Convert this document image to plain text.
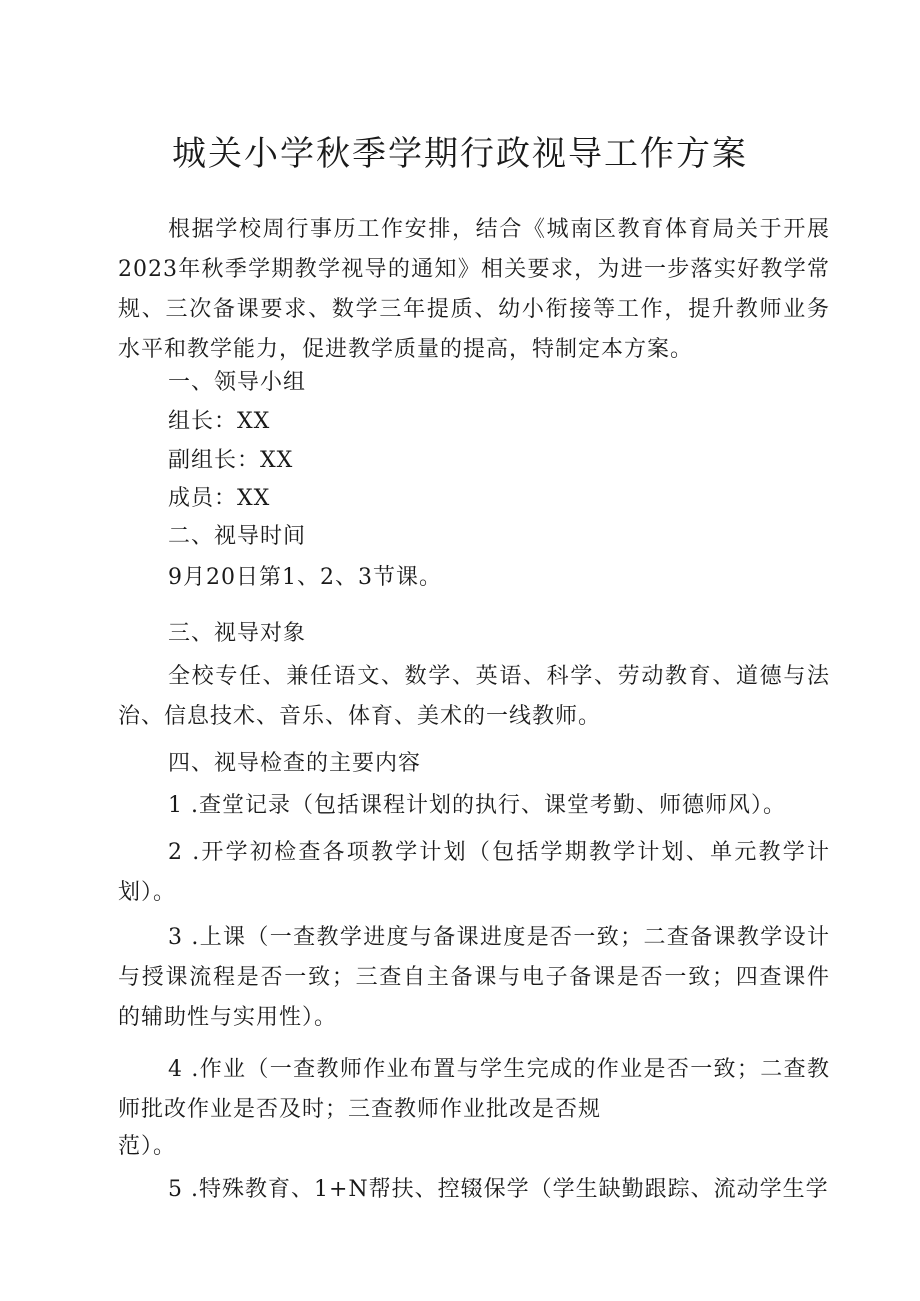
城关小学秋季学期行政视导工作方案
根据学校周行事历工作安排，结合《城南区教育体育局关于开展2023年秋季学期教学视导的通知》相关要求，为进一步落实好教学常规、三次备课要求、数学三年提质、幼小衔接等工作，提升教师业务水平和教学能力，促进教学质量的提高，特制定本方案。
一、领导小组
组长：XX
副组长：XX
成员：XX
二、视导时间
9月20日第1、2、3节课。
三、视导对象
全校专任、兼任语文、数学、英语、科学、劳动教育、道德与法治、信息技术、音乐、体育、美术的一线教师。
四、视导检查的主要内容
1 .查堂记录（包括课程计划的执行、课堂考勤、师德师风）。
2 .开学初检查各项教学计划（包括学期教学计划、单元教学计划）。
3 .上课（一查教学进度与备课进度是否一致；二查备课教学设计与授课流程是否一致；三查自主备课与电子备课是否一致；四查课件的辅助性与实用性）。
4 .作业（一查教师作业布置与学生完成的作业是否一致；二查教师批改作业是否及时；三查教师作业批改是否规
范）。
5 .特殊教育、1+N帮扶、控辍保学（学生缺勤跟踪、流动学生学
